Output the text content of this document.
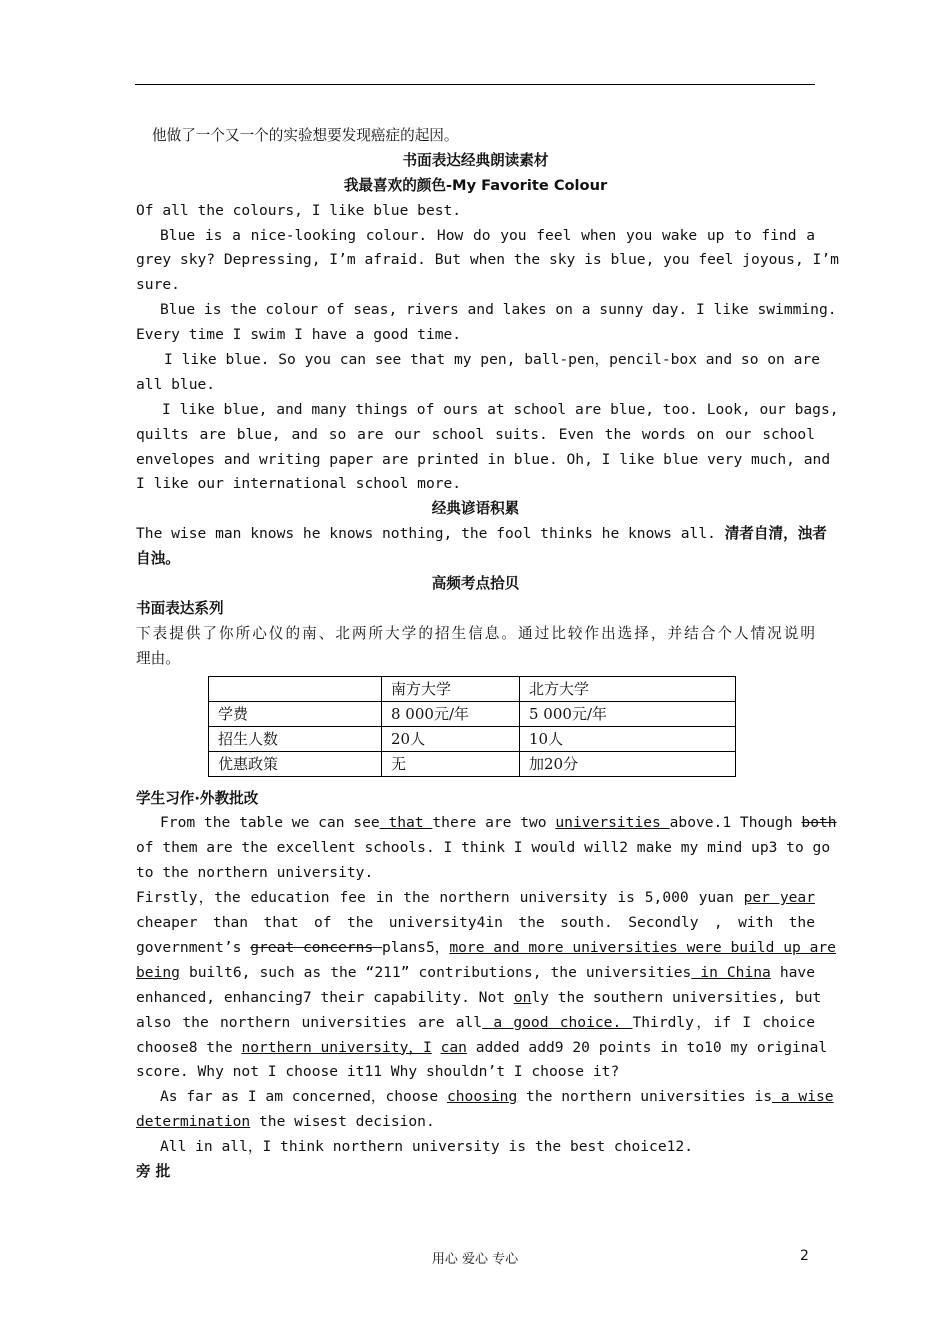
他做了一个又一个的实验想要发现癌症的起因。
书面表达经典朗读素材
我最喜欢的颜色-My Favorite Colour
Of all the colours, I like blue best.
Blue is a nice-looking colour. How do you feel when you wake up to find a
grey sky? Depressing, I’m afraid. But when the sky is blue, you feel joyous, I’m
sure.
Blue is the colour of seas, rivers and lakes on a sunny day. I like swimming.
Every time I swim I have a good time.
I like blue. So you can see that my pen, ball-pen，pencil-box and so on are
all blue.
I like blue, and many things of ours at school are blue, too. Look, our bags,
quilts are blue, and so are our school suits. Even the words on our school
envelopes and writing paper are printed in blue. Oh, I like blue very much, and
I like our international school more.
经典谚语积累
The wise man knows he knows nothing, the fool thinks he knows all. 清者自清，浊者
自浊。
高频考点拾贝
书面表达系列
下表提供了你所心仪的南、北两所大学的招生信息。通过比较作出选择，并结合个人情况说明
理由。
	南方大学	北方大学
学费	8 000元/年	5 000元/年
招生人数	20人	10人
优惠政策	无	加20分
学生习作·外教批改
From the table we can see that there are two universities above.1 Though both
of them are the excellent schools. I think I would will2 make my mind up3 to go
to the northern university.
Firstly，the education fee in the northern university is 5,000 yuan per year
cheaper than that of the university4in the south. Secondly , with the
government’s great concerns plans5，more and more universities were build up are
being built6, such as the “211” contributions, the universities in China have
enhanced, enhancing7 their capability. Not only the southern universities, but
also the northern universities are all a good choice. Thirdly，if I choice
choose8 the northern university，I can added add9 20 points in to10 my original
score. Why not I choose it11 Why shouldn’t I choose it?
As far as I am concerned，choose choosing the northern universities is a wise
determination the wisest decision.
All in all，I think northern university is the best choice12.
旁 批
用心 爱心 专心	2
